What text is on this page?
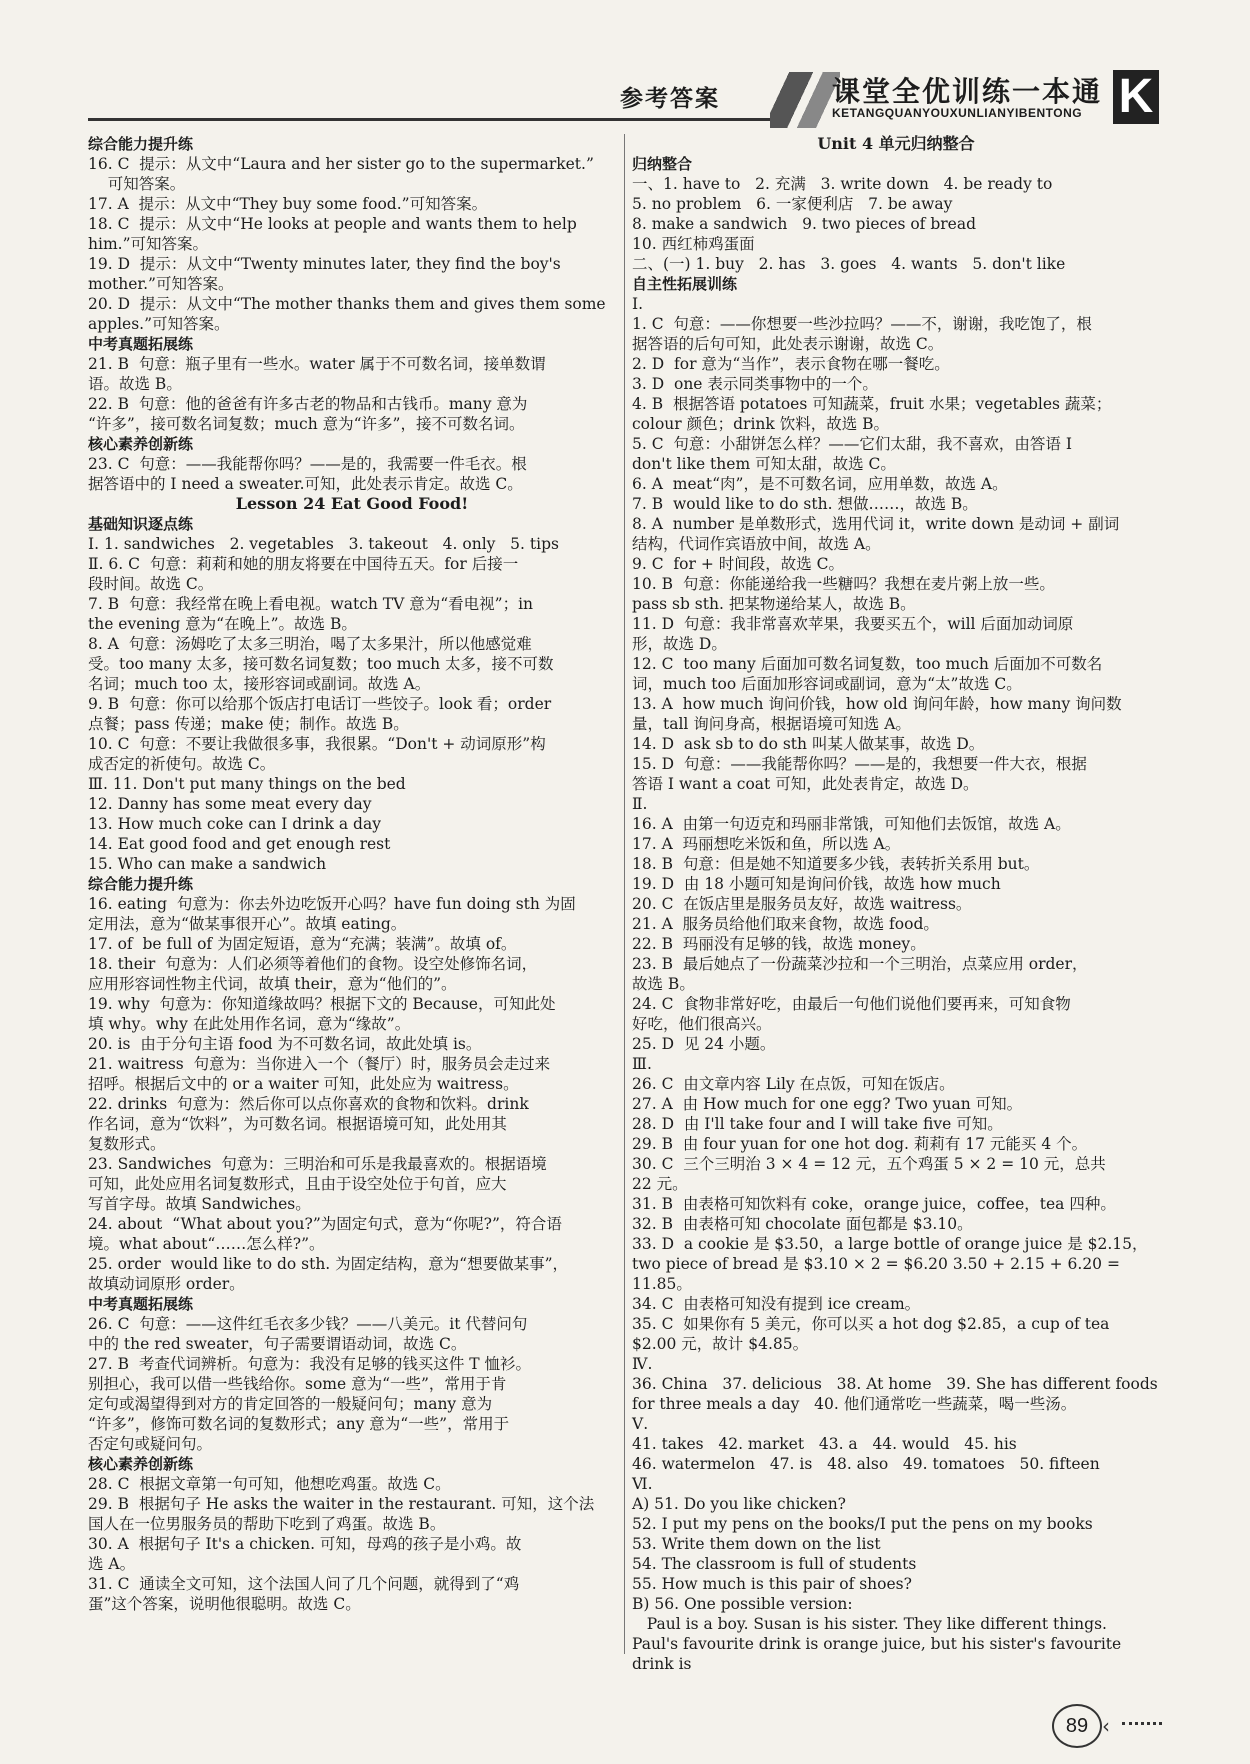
参考答案	课堂全优训练一本通
KETANGQUANYOUXUNLIANYIBENTONG K
综合能力提升练
16. C  提示：从文中“Laura and her sister go to the supermarket.”
可知答案。
17. A  提示：从文中“They buy some food.”可知答案。
18. C  提示：从文中“He looks at people and wants them to help
him.”可知答案。
19. D  提示：从文中“Twenty minutes later, they find the boy's
mother.”可知答案。
20. D  提示：从文中“The mother thanks them and gives them some
apples.”可知答案。
中考真题拓展练
21. B  句意：瓶子里有一些水。water 属于不可数名词，接单数谓
语。故选 B。
22. B  句意：他的爸爸有许多古老的物品和古钱币。many 意为
“许多”，接可数名词复数；much 意为“许多”，接不可数名词。
核心素养创新练
23. C  句意：——我能帮你吗？——是的，我需要一件毛衣。根
据答语中的 I need a sweater.可知，此处表示肯定。故选 C。
Lesson 24 Eat Good Food!
基础知识逐点练
Ⅰ. 1. sandwiches   2. vegetables   3. takeout   4. only   5. tips
Ⅱ. 6. C  句意：莉莉和她的朋友将要在中国待五天。for 后接一
段时间。故选 C。
7. B  句意：我经常在晚上看电视。watch TV 意为“看电视”；in
the evening 意为“在晚上”。故选 B。
8. A  句意：汤姆吃了太多三明治，喝了太多果汁，所以他感觉难
受。too many 太多，接可数名词复数；too much 太多，接不可数
名词；much too 太，接形容词或副词。故选 A。
9. B  句意：你可以给那个饭店打电话订一些饺子。look 看；order
点餐；pass 传递；make 使；制作。故选 B。
10. C  句意：不要让我做很多事，我很累。“Don't + 动词原形”构
成否定的祈使句。故选 C。
Ⅲ. 11. Don't put many things on the bed
12. Danny has some meat every day
13. How much coke can I drink a day
14. Eat good food and get enough rest
15. Who can make a sandwich
综合能力提升练
16. eating  句意为：你去外边吃饭开心吗？have fun doing sth 为固
定用法，意为“做某事很开心”。故填 eating。
17. of  be full of 为固定短语，意为“充满；装满”。故填 of。
18. their  句意为：人们必须等着他们的食物。设空处修饰名词，
应用形容词性物主代词，故填 their，意为“他们的”。
19. why  句意为：你知道缘故吗？根据下文的 Because，可知此处
填 why。why 在此处用作名词，意为“缘故”。
20. is  由于分句主语 food 为不可数名词，故此处填 is。
21. waitress  句意为：当你进入一个（餐厅）时，服务员会走过来
招呼。根据后文中的 or a waiter 可知，此处应为 waitress。
22. drinks  句意为：然后你可以点你喜欢的食物和饮料。drink
作名词，意为“饮料”，为可数名词。根据语境可知，此处用其
复数形式。
23. Sandwiches  句意为：三明治和可乐是我最喜欢的。根据语境
可知，此处应用名词复数形式，且由于设空处位于句首，应大
写首字母。故填 Sandwiches。
24. about  “What about you?”为固定句式，意为“你呢?”，符合语
境。what about“……怎么样?”。
25. order  would like to do sth. 为固定结构，意为“想要做某事”，
故填动词原形 order。
中考真题拓展练
26. C  句意：——这件红毛衣多少钱？——八美元。it 代替问句
中的 the red sweater，句子需要谓语动词，故选 C。
27. B  考查代词辨析。句意为：我没有足够的钱买这件 T 恤衫。
别担心，我可以借一些钱给你。some 意为“一些”，常用于肯
定句或渴望得到对方的肯定回答的一般疑问句；many 意为
“许多”，修饰可数名词的复数形式；any 意为“一些”，常用于
否定句或疑问句。
核心素养创新练
28. C  根据文章第一句可知，他想吃鸡蛋。故选 C。
29. B  根据句子 He asks the waiter in the restaurant. 可知，这个法
国人在一位男服务员的帮助下吃到了鸡蛋。故选 B。
30. A  根据句子 It's a chicken. 可知，母鸡的孩子是小鸡。故
选 A。
31. C  通读全文可知，这个法国人问了几个问题，就得到了“鸡
蛋”这个答案，说明他很聪明。故选 C。
Unit 4 单元归纳整合
归纳整合
一、1. have to   2. 充满   3. write down   4. be ready to
5. no problem   6. 一家便利店   7. be away
8. make a sandwich   9. two pieces of bread
10. 西红柿鸡蛋面
二、(一) 1. buy   2. has   3. goes   4. wants   5. don't like
自主性拓展训练
Ⅰ.
1. C  句意：——你想要一些沙拉吗？——不，谢谢，我吃饱了，根
据答语的后句可知，此处表示谢谢，故选 C。
2. D  for 意为“当作”，表示食物在哪一餐吃。
3. D  one 表示同类事物中的一个。
4. B  根据答语 potatoes 可知蔬菜，fruit 水果；vegetables 蔬菜；
colour 颜色；drink 饮料，故选 B。
5. C  句意：小甜饼怎么样？——它们太甜，我不喜欢，由答语 I
don't like them 可知太甜，故选 C。
6. A  meat“肉”，是不可数名词，应用单数，故选 A。
7. B  would like to do sth. 想做……，故选 B。
8. A  number 是单数形式，选用代词 it，write down 是动词 + 副词
结构，代词作宾语放中间，故选 A。
9. C  for + 时间段，故选 C。
10. B  句意：你能递给我一些糖吗？我想在麦片粥上放一些。
pass sb sth. 把某物递给某人，故选 B。
11. D  句意：我非常喜欢苹果，我要买五个，will 后面加动词原
形，故选 D。
12. C  too many 后面加可数名词复数，too much 后面加不可数名
词，much too 后面加形容词或副词，意为“太”故选 C。
13. A  how much 询问价钱，how old 询问年龄，how many 询问数
量，tall 询问身高，根据语境可知选 A。
14. D  ask sb to do sth 叫某人做某事，故选 D。
15. D  句意：——我能帮你吗？——是的，我想要一件大衣，根据
答语 I want a coat 可知，此处表肯定，故选 D。
Ⅱ.
16. A  由第一句迈克和玛丽非常饿，可知他们去饭馆，故选 A。
17. A  玛丽想吃米饭和鱼，所以选 A。
18. B  句意：但是她不知道要多少钱，表转折关系用 but。
19. D  由 18 小题可知是询问价钱，故选 how much
20. C  在饭店里是服务员友好，故选 waitress。
21. A  服务员给他们取来食物，故选 food。
22. B  玛丽没有足够的钱，故选 money。
23. B  最后她点了一份蔬菜沙拉和一个三明治，点菜应用 order，
故选 B。
24. C  食物非常好吃，由最后一句他们说他们要再来，可知食物
好吃，他们很高兴。
25. D  见 24 小题。
Ⅲ.
26. C  由文章内容 Lily 在点饭，可知在饭店。
27. A  由 How much for one egg? Two yuan 可知。
28. D  由 I'll take four and I will take five 可知。
29. B  由 four yuan for one hot dog. 莉莉有 17 元能买 4 个。
30. C  三个三明治 3 × 4 = 12 元，五个鸡蛋 5 × 2 = 10 元，总共
22 元。
31. B  由表格可知饮料有 coke，orange juice，coffee，tea 四种。
32. B  由表格可知 chocolate 面包都是 $3.10。
33. D  a cookie 是 $3.50，a large bottle of orange juice 是 $2.15，
two piece of bread 是 $3.10 × 2 = $6.20 3.50 + 2.15 + 6.20 =
11.85。
34. C  由表格可知没有提到 ice cream。
35. C  如果你有 5 美元，你可以买 a hot dog $2.85，a cup of tea
$2.00 元，故计 $4.85。
Ⅳ.
36. China   37. delicious   38. At home   39. She has different foods
for three meals a day   40. 他们通常吃一些蔬菜，喝一些汤。
Ⅴ.
41. takes   42. market   43. a   44. would   45. his
46. watermelon   47. is   48. also   49. tomatoes   50. fifteen
Ⅵ.
A) 51. Do you like chicken?
52. I put my pens on the books/I put the pens on my books
53. Write them down on the list
54. The classroom is full of students
55. How much is this pair of shoes?
B) 56. One possible version:
Paul is a boy. Susan is his sister. They like different things.
Paul's favourite drink is orange juice, but his sister's favourite drink is
89 ‹
